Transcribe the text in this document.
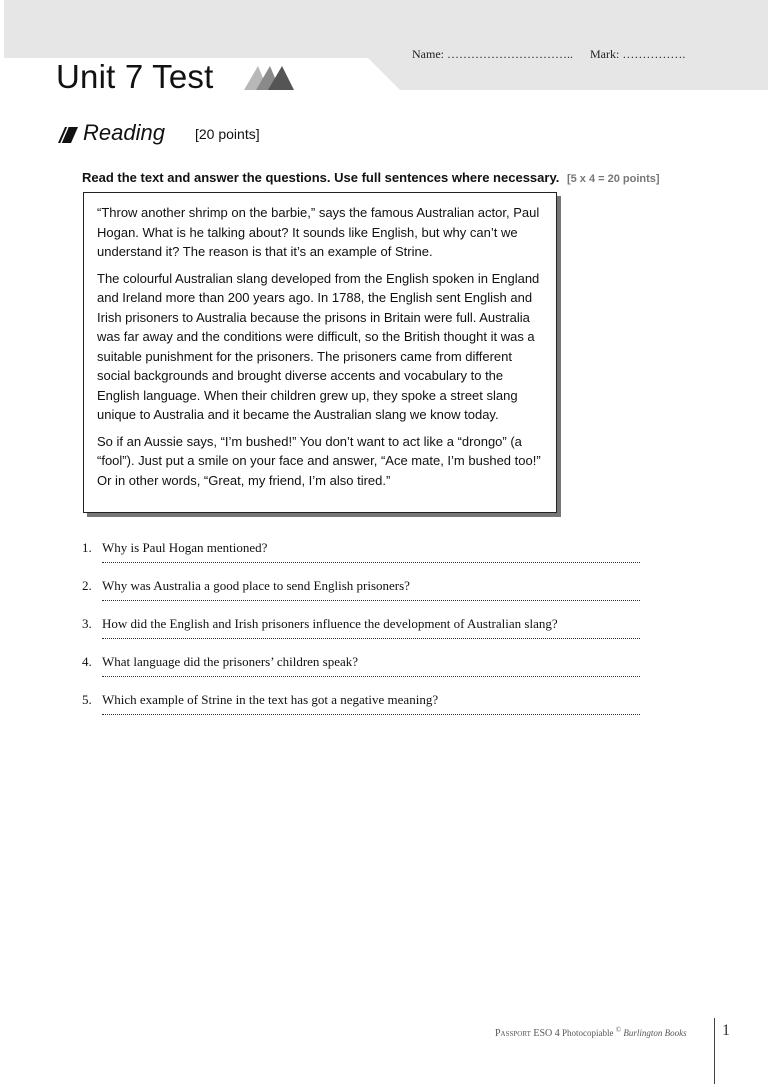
Name: ………………………….. Mark: …………….
Unit 7 Test
Reading [20 points]
Read the text and answer the questions. Use full sentences where necessary. [5 x 4 = 20 points]

“Throw another shrimp on the barbie,” says the famous Australian actor, Paul Hogan. What is he talking about? It sounds like English, but why can’t we understand it? The reason is that it’s an example of Strine.

The colourful Australian slang developed from the English spoken in England and Ireland more than 200 years ago. In 1788, the English sent English and Irish prisoners to Australia because the prisons in Britain were full. Australia was far away and the conditions were difficult, so the British thought it was a suitable punishment for the prisoners. The prisoners came from different social backgrounds and brought diverse accents and vocabulary to the English language. When their children grew up, they spoke a street slang unique to Australia and it became the Australian slang we know today.

So if an Aussie says, “I’m bushed!” You don’t want to act like a “drongo” (a “fool”). Just put a smile on your face and answer, “Ace mate, I’m bushed too!” Or in other words, “Great, my friend, I’m also tired.”

1. Why is Paul Hogan mentioned?
2. Why was Australia a good place to send English prisoners?
3. How did the English and Irish prisoners influence the development of Australian slang?
4. What language did the prisoners’ children speak?
5. Which example of Strine in the text has got a negative meaning?
Passport ESO 4 Photocopiable © Burlington Books 1
